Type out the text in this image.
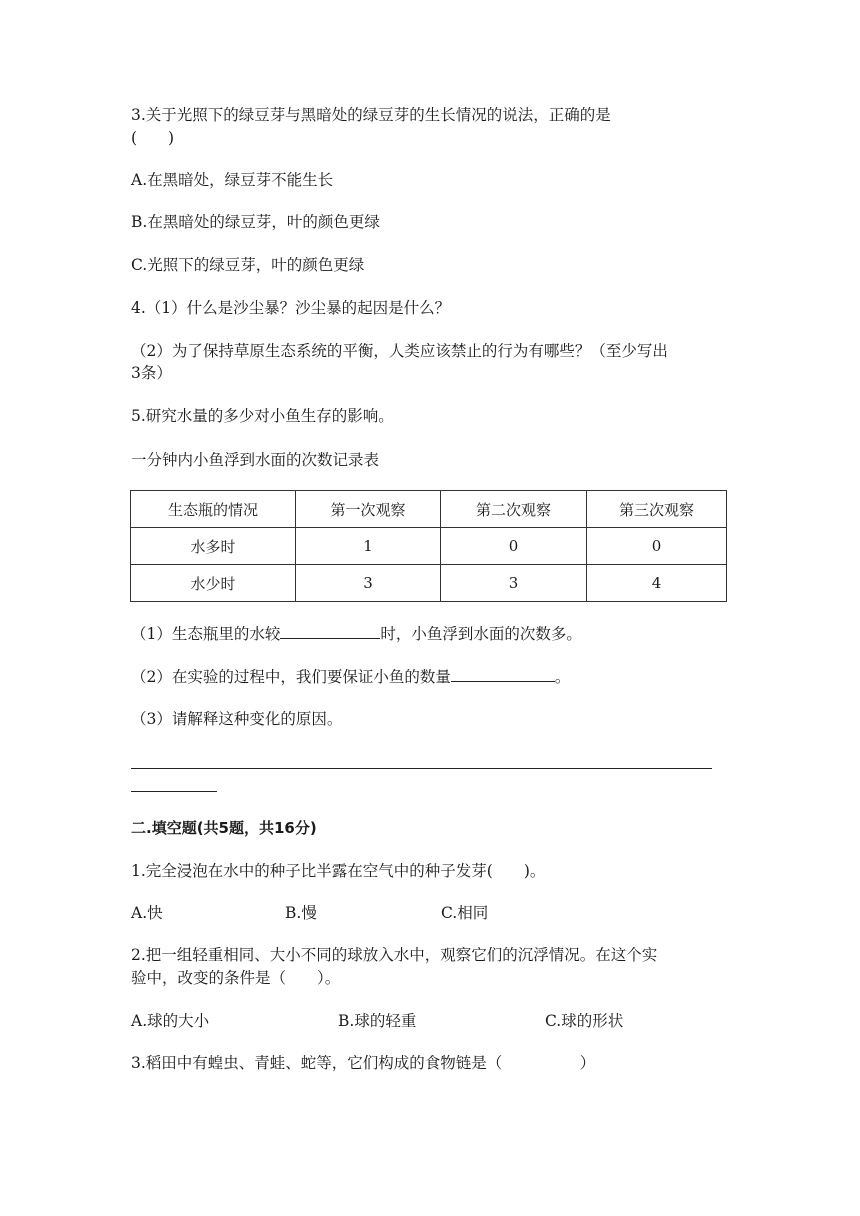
3.关于光照下的绿豆芽与黑暗处的绿豆芽的生长情况的说法，正确的是
(　　)
A.在黑暗处，绿豆芽不能生长
B.在黑暗处的绿豆芽，叶的颜色更绿
C.光照下的绿豆芽，叶的颜色更绿
4.（1）什么是沙尘暴？沙尘暴的起因是什么？
（2）为了保持草原生态系统的平衡，人类应该禁止的行为有哪些？（至少写出
3条）
5.研究水量的多少对小鱼生存的影响。
一分钟内小鱼浮到水面的次数记录表
生态瓶的情况	第一次观察	第二次观察	第三次观察
水多时	1	0	0
水少时	3	3	4
（1）生态瓶里的水较	时，小鱼浮到水面的次数多。
（2）在实验的过程中，我们要保证小鱼的数量	。
（3）请解释这种变化的原因。
二.填空题(共5题，共16分)
1.完全浸泡在水中的种子比半露在空气中的种子发芽(　　)。
A.快	B.慢	C.相同
2.把一组轻重相同、大小不同的球放入水中，观察它们的沉浮情况。在这个实
验中，改变的条件是（　　）。
A.球的大小	B.球的轻重	C.球的形状
3.稻田中有蝗虫、青蛙、蛇等，它们构成的食物链是（　　　　　）
